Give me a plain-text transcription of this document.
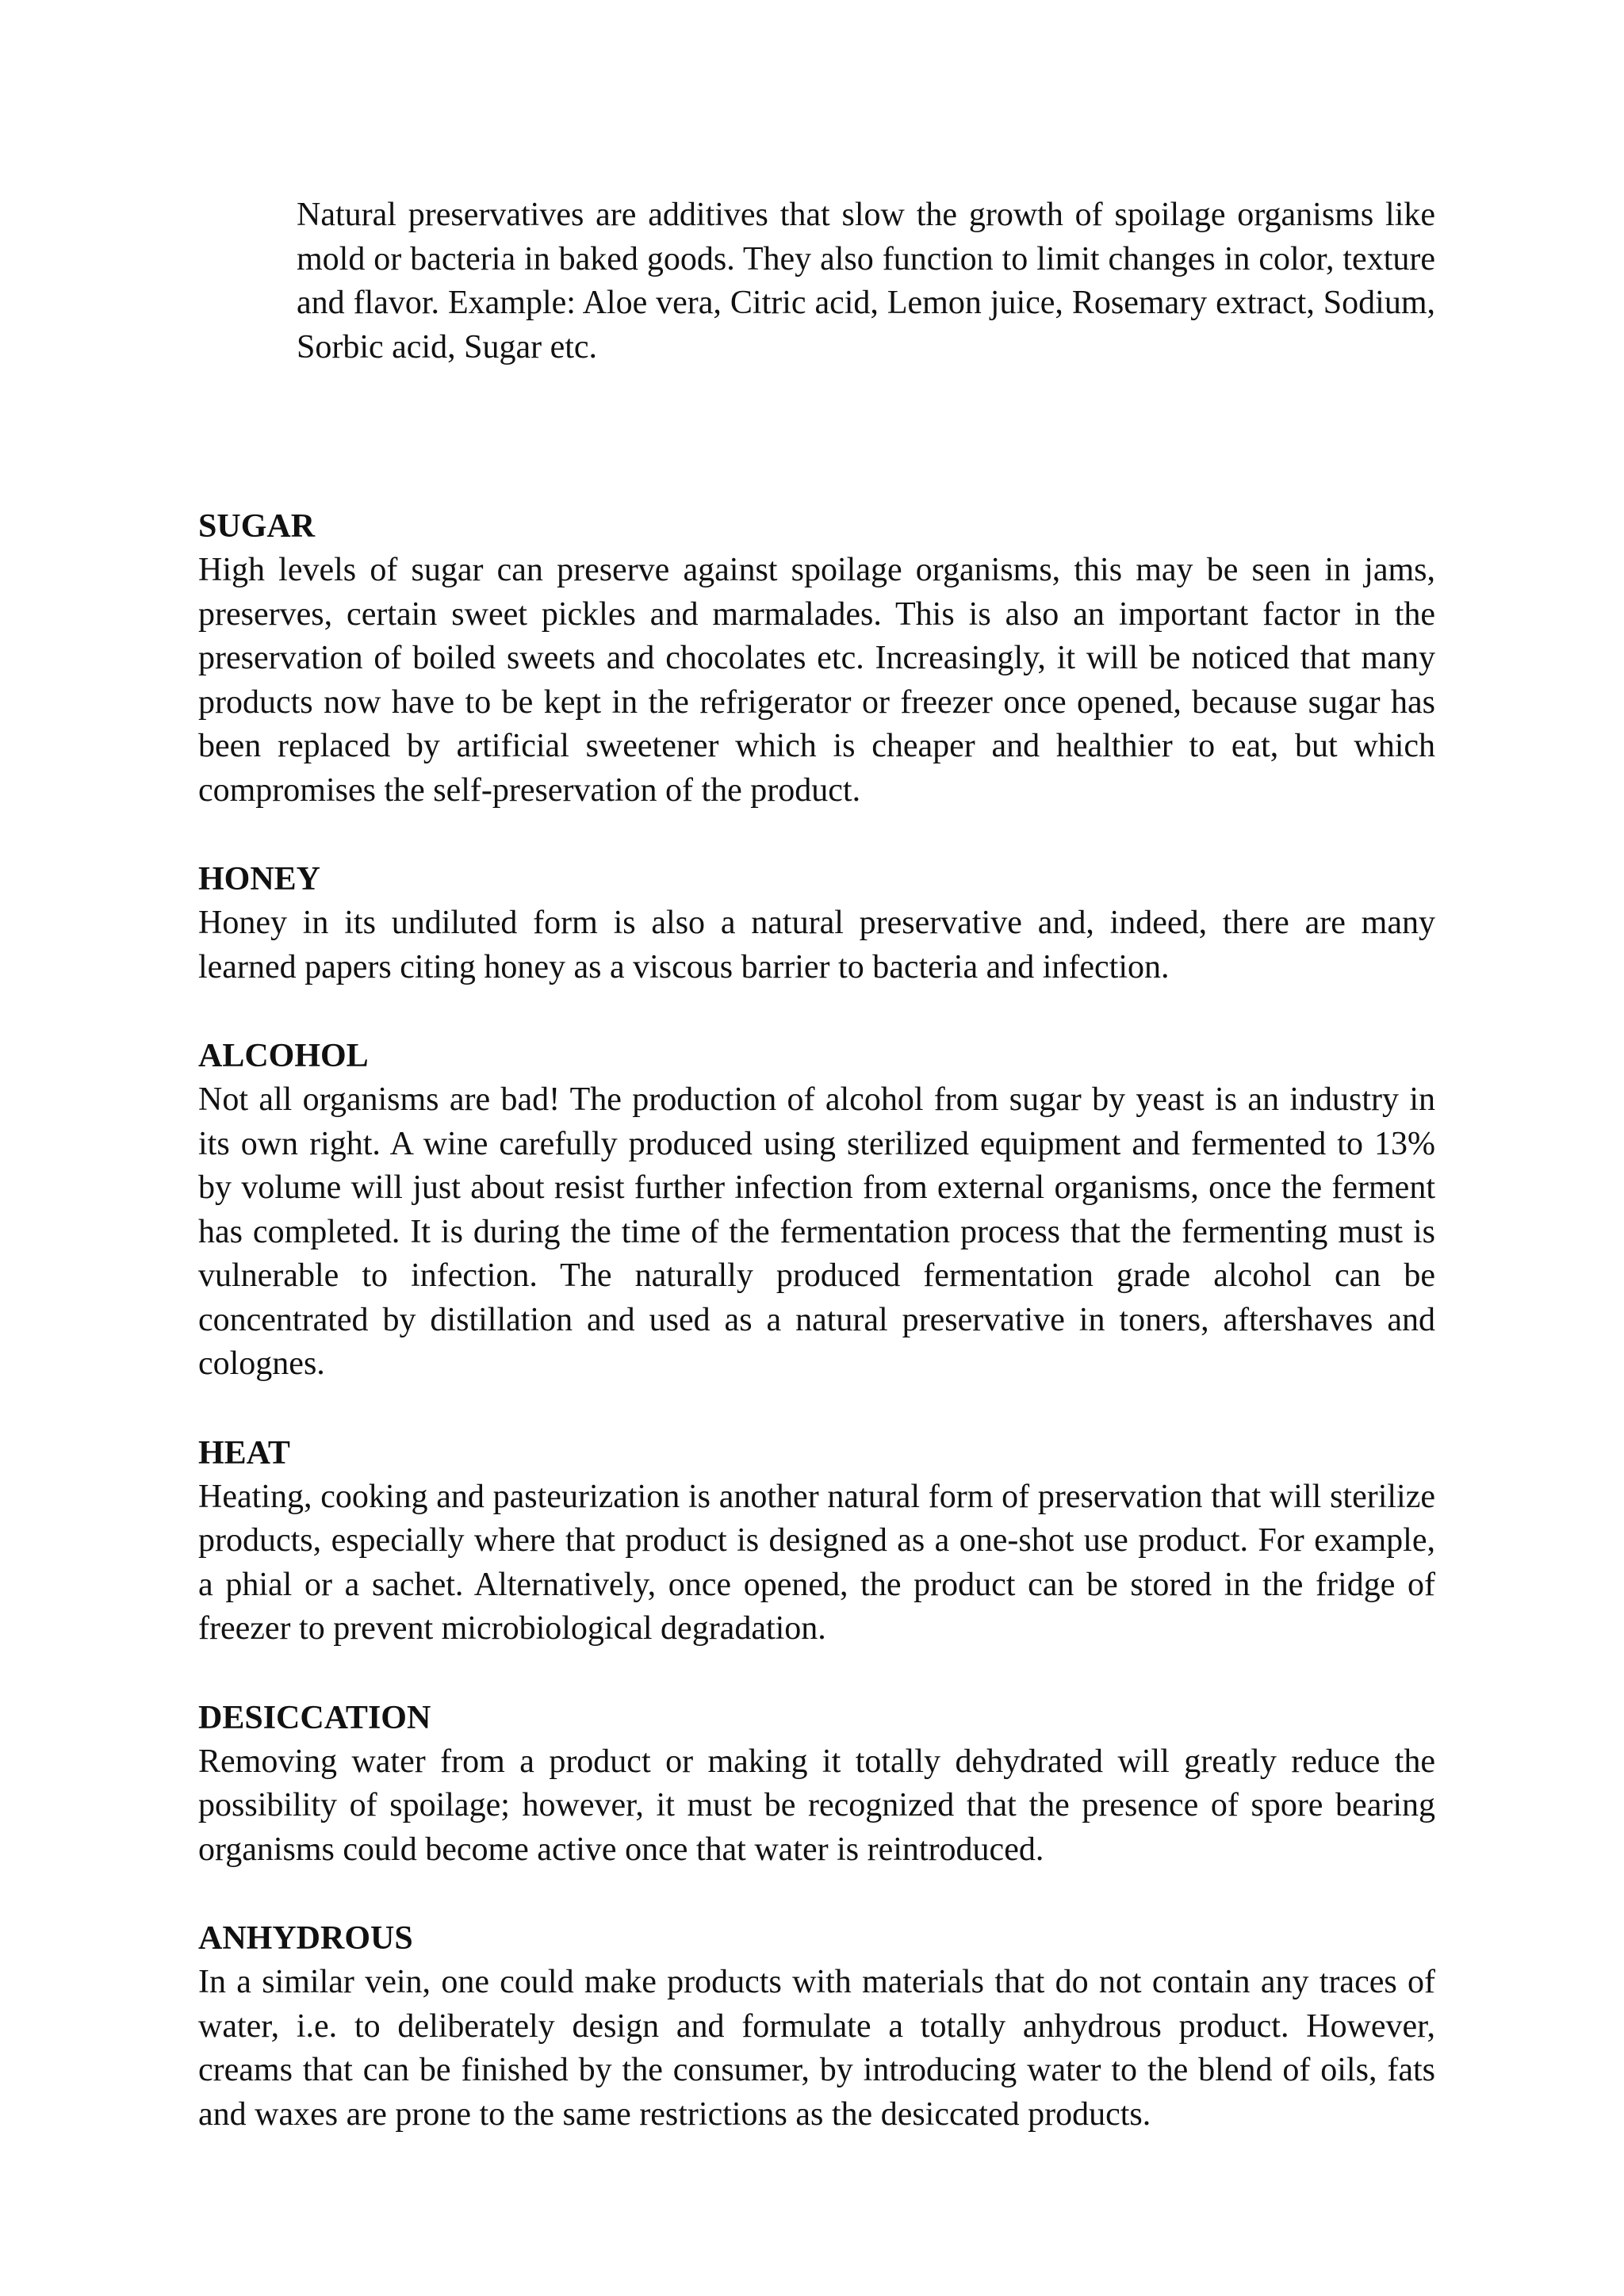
Natural preservatives are additives that slow the growth of spoilage organisms like mold or bacteria in baked goods. They also function to limit changes in color, texture and flavor. Example: Aloe vera, Citric acid, Lemon juice, Rosemary extract, Sodium, Sorbic acid, Sugar etc.

SUGAR

High levels of sugar can preserve against spoilage organisms, this may be seen in jams, preserves, certain sweet pickles and marmalades. This is also an important factor in the preservation of boiled sweets and chocolates etc. Increasingly, it will be noticed that many products now have to be kept in the refrigerator or freezer once opened, because sugar has been replaced by artificial sweetener which is cheaper and healthier to eat, but which compromises the self-preservation of the product.

HONEY

Honey in its undiluted form is also a natural preservative and, indeed, there are many learned papers citing honey as a viscous barrier to bacteria and infection.

ALCOHOL

Not all organisms are bad! The production of alcohol from sugar by yeast is an industry in its own right. A wine carefully produced using sterilized equipment and fermented to 13% by volume will just about resist further infection from external organisms, once the ferment has completed. It is during the time of the fermentation process that the fermenting must is vulnerable to infection. The naturally produced fermentation grade alcohol can be concentrated by distillation and used as a natural preservative in toners, aftershaves and colognes.

HEAT

Heating, cooking and pasteurization is another natural form of preservation that will sterilize products, especially where that product is designed as a one-shot use product. For example, a phial or a sachet. Alternatively, once opened, the product can be stored in the fridge of freezer to prevent microbiological degradation.

DESICCATION

Removing water from a product or making it totally dehydrated will greatly reduce the possibility of spoilage; however, it must be recognized that the presence of spore bearing organisms could become active once that water is reintroduced.

ANHYDROUS

In a similar vein, one could make products with materials that do not contain any traces of water, i.e. to deliberately design and formulate a totally anhydrous product. However, creams that can be finished by the consumer, by introducing water to the blend of oils, fats and waxes are prone to the same restrictions as the desiccated products.
